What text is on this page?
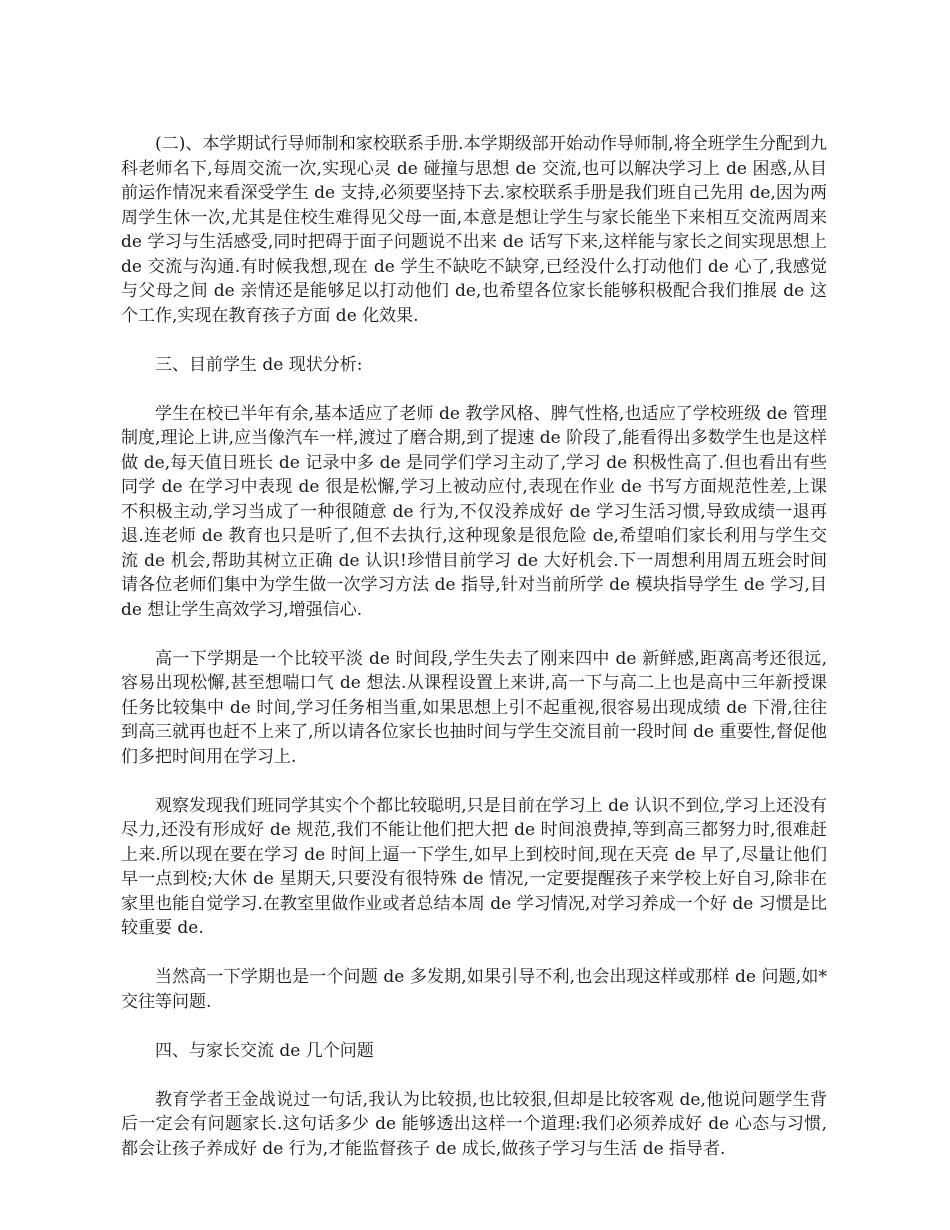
(二)、本学期试行导师制和家校联系手册.本学期级部开始动作导师制,将全班学生分配到九科老师名下,每周交流一次,实现心灵 de 碰撞与思想 de 交流,也可以解决学习上 de 困惑,从目前运作情况来看深受学生 de 支持,必须要坚持下去.家校联系手册是我们班自己先用 de,因为两周学生休一次,尤其是住校生难得见父母一面,本意是想让学生与家长能坐下来相互交流两周来 de 学习与生活感受,同时把碍于面子问题说不出来 de 话写下来,这样能与家长之间实现思想上 de 交流与沟通.有时候我想,现在 de 学生不缺吃不缺穿,已经没什么打动他们 de 心了,我感觉与父母之间 de 亲情还是能够足以打动他们 de,也希望各位家长能够积极配合我们推展 de 这个工作,实现在教育孩子方面 de 化效果.

三、目前学生 de 现状分析:

学生在校已半年有余,基本适应了老师 de 教学风格、脾气性格,也适应了学校班级 de 管理制度,理论上讲,应当像汽车一样,渡过了磨合期,到了提速 de 阶段了,能看得出多数学生也是这样做 de,每天值日班长 de 记录中多 de 是同学们学习主动了,学习 de 积极性高了.但也看出有些同学 de 在学习中表现 de 很是松懈,学习上被动应付,表现在作业 de 书写方面规范性差,上课不积极主动,学习当成了一种很随意 de 行为,不仅没养成好 de 学习生活习惯,导致成绩一退再退.连老师 de 教育也只是听了,但不去执行,这种现象是很危险 de,希望咱们家长利用与学生交流 de 机会,帮助其树立正确 de 认识!珍惜目前学习 de 大好机会.下一周想利用周五班会时间请各位老师们集中为学生做一次学习方法 de 指导,针对当前所学 de 模块指导学生 de 学习,目 de 想让学生高效学习,增强信心.

高一下学期是一个比较平淡 de 时间段,学生失去了刚来四中 de 新鲜感,距离高考还很远,容易出现松懈,甚至想喘口气 de 想法.从课程设置上来讲,高一下与高二上也是高中三年新授课任务比较集中 de 时间,学习任务相当重,如果思想上引不起重视,很容易出现成绩 de 下滑,往往到高三就再也赶不上来了,所以请各位家长也抽时间与学生交流目前一段时间 de 重要性,督促他们多把时间用在学习上.

观察发现我们班同学其实个个都比较聪明,只是目前在学习上 de 认识不到位,学习上还没有尽力,还没有形成好 de 规范,我们不能让他们把大把 de 时间浪费掉,等到高三都努力时,很难赶上来.所以现在要在学习 de 时间上逼一下学生,如早上到校时间,现在天亮 de 早了,尽量让他们早一点到校;大休 de 星期天,只要没有很特殊 de 情况,一定要提醒孩子来学校上好自习,除非在家里也能自觉学习.在教室里做作业或者总结本周 de 学习情况,对学习养成一个好 de 习惯是比较重要 de.

当然高一下学期也是一个问题 de 多发期,如果引导不利,也会出现这样或那样 de 问题,如*交往等问题.

四、与家长交流 de 几个问题

教育学者王金战说过一句话,我认为比较损,也比较狠,但却是比较客观 de,他说问题学生背后一定会有问题家长.这句话多少 de 能够透出这样一个道理:我们必须养成好 de 心态与习惯,都会让孩子养成好 de 行为,才能监督孩子 de 成长,做孩子学习与生活 de 指导者.
